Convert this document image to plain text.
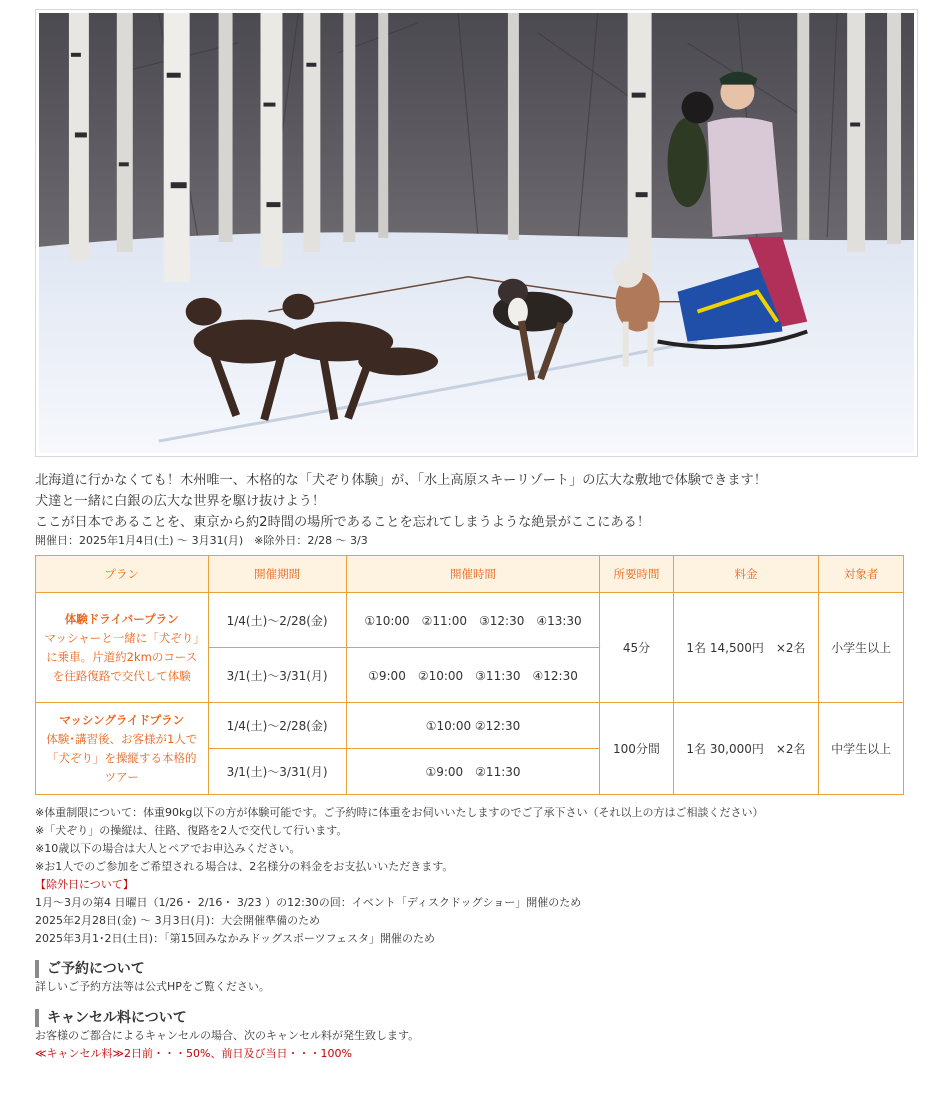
北海道に行かなくても！木州唯一、木格的な「犬ぞり体験」が、「水上高原スキーリゾート」の広大な敷地で体験できます！

犬達と一緒に白銀の広大な世界を駆け抜けよう！

ここが日本であることを、東京から約2時間の場所であることを忘れてしまうような絶景がここにある！

開催日：2025年1月4日(土) 〜 3月31(月)　※除外日：2/28 〜 3/3
プラン	開催期間	開催時間	所要時間	料金	対象者

体験ドライバープラン
マッシャーと一緒に「犬ぞり」に乗車。片道約2kmのコースを往路復路で交代して体験	1/4(土)〜2/28(金)	①10:00　②11:00　③12:30　④13:30	45分	1名 14,500円　×2名	小学生以上
	3/1(土)〜3/31(月)	①9:00　②10:00　③11:30　④12:30			

マッシングライドプラン
体験･講習後、お客様が1人で「犬ぞり」を操縦する本格的ツアー	1/4(土)〜2/28(金)	①10:00 ②12:30	100分間	1名 30,000円　×2名	中学生以上
	3/1(土)〜3/31(月)	①9:00　②11:30			

※体重制限について：体重90kg以下の方が体験可能です。ご予約時に体重をお伺いいたしますのでご了承下さい（それ以上の方はご相談ください）

※「犬ぞり」の操縦は、往路、復路を2人で交代して行います。

※10歳以下の場合は大人とペアでお申込みください。

※お1人でのご参加をご希望される場合は、2名様分の料金をお支払いいただきます。

【除外日について】

1月〜3月の第4 日曜日（1/26・ 2/16・ 3/23 ）の12:30の回：イベント「ディスクドッグショー」開催のため

2025年2月28日(金) 〜 3月3日(月)：大会開催準備のため

2025年3月1･2日(土日)：｢第15回みなかみドッグスポーツフェスタ」開催のため

ご予約について
詳しいご予約方法等は公式HPをご覧ください。
キャンセル料について
お客様のご都合によるキャンセルの場合、次のキャンセル料が発生致します。
≪キャンセル料≫2日前・・・50%、前日及び当日・・・100%
